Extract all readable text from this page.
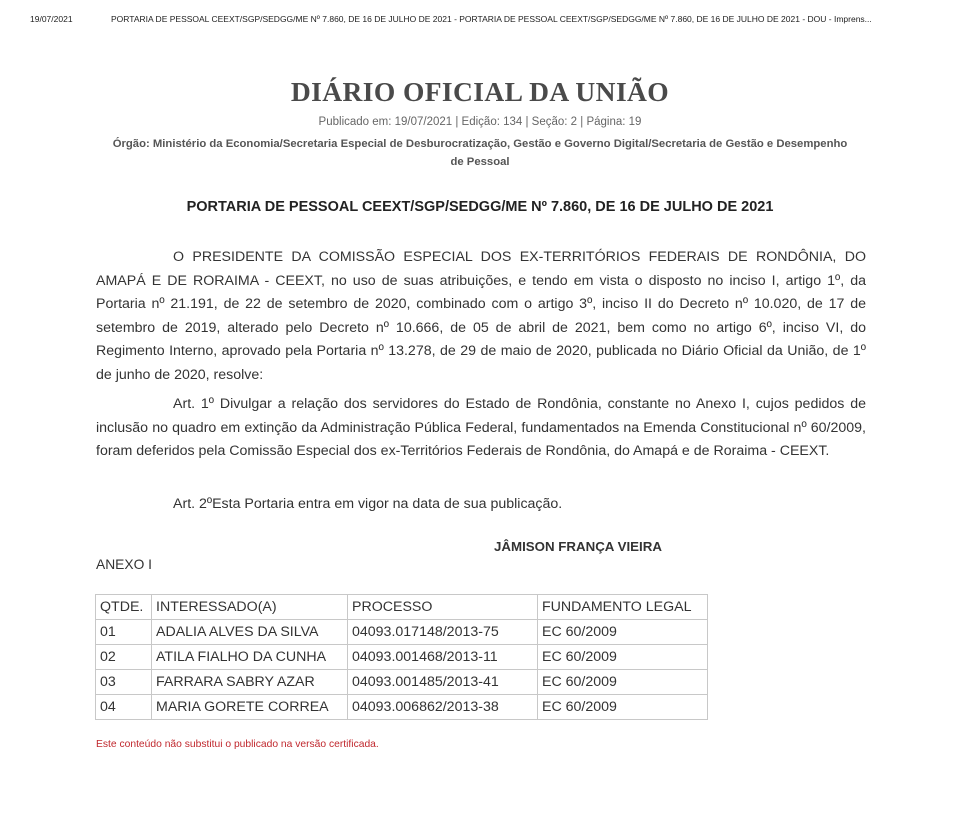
19/07/2021	PORTARIA DE PESSOAL CEEXT/SGP/SEDGG/ME Nº 7.860, DE 16 DE JULHO DE 2021 - PORTARIA DE PESSOAL CEEXT/SGP/SEDGG/ME Nº 7.860, DE 16 DE JULHO DE 2021 - DOU - Imprens...
DIÁRIO OFICIAL DA UNIÃO
Publicado em: 19/07/2021 | Edição: 134 | Seção: 2 | Página: 19
Órgão: Ministério da Economia/Secretaria Especial de Desburocratização, Gestão e Governo Digital/Secretaria de Gestão e Desempenho de Pessoal
PORTARIA DE PESSOAL CEEXT/SGP/SEDGG/ME Nº 7.860, DE 16 DE JULHO DE 2021
O PRESIDENTE DA COMISSÃO ESPECIAL DOS EX-TERRITÓRIOS FEDERAIS DE RONDÔNIA, DO AMAPÁ E DE RORAIMA - CEEXT, no uso de suas atribuições, e tendo em vista o disposto no inciso I, artigo 1º, da Portaria nº 21.191, de 22 de setembro de 2020, combinado com o artigo 3º, inciso II do Decreto nº 10.020, de 17 de setembro de 2019, alterado pelo Decreto nº 10.666, de 05 de abril de 2021, bem como no artigo 6º, inciso VI, do Regimento Interno, aprovado pela Portaria nº 13.278, de 29 de maio de 2020, publicada no Diário Oficial da União, de 1º de junho de 2020, resolve:
Art. 1º Divulgar a relação dos servidores do Estado de Rondônia, constante no Anexo I, cujos pedidos de inclusão no quadro em extinção da Administração Pública Federal, fundamentados na Emenda Constitucional nº 60/2009, foram deferidos pela Comissão Especial dos ex-Territórios Federais de Rondônia, do Amapá e de Roraima - CEEXT.
Art. 2ºEsta Portaria entra em vigor na data de sua publicação.
JÂMISON FRANÇA VIEIRA
ANEXO I
QTDE.	INTERESSADO(A)	PROCESSO	FUNDAMENTO LEGAL
01	ADALIA ALVES DA SILVA	04093.017148/2013-75	EC 60/2009
02	ATILA FIALHO DA CUNHA	04093.001468/2013-11	EC 60/2009
03	FARRARA SABRY AZAR	04093.001485/2013-41	EC 60/2009
04	MARIA GORETE CORREA	04093.006862/2013-38	EC 60/2009
Este conteúdo não substitui o publicado na versão certificada.
